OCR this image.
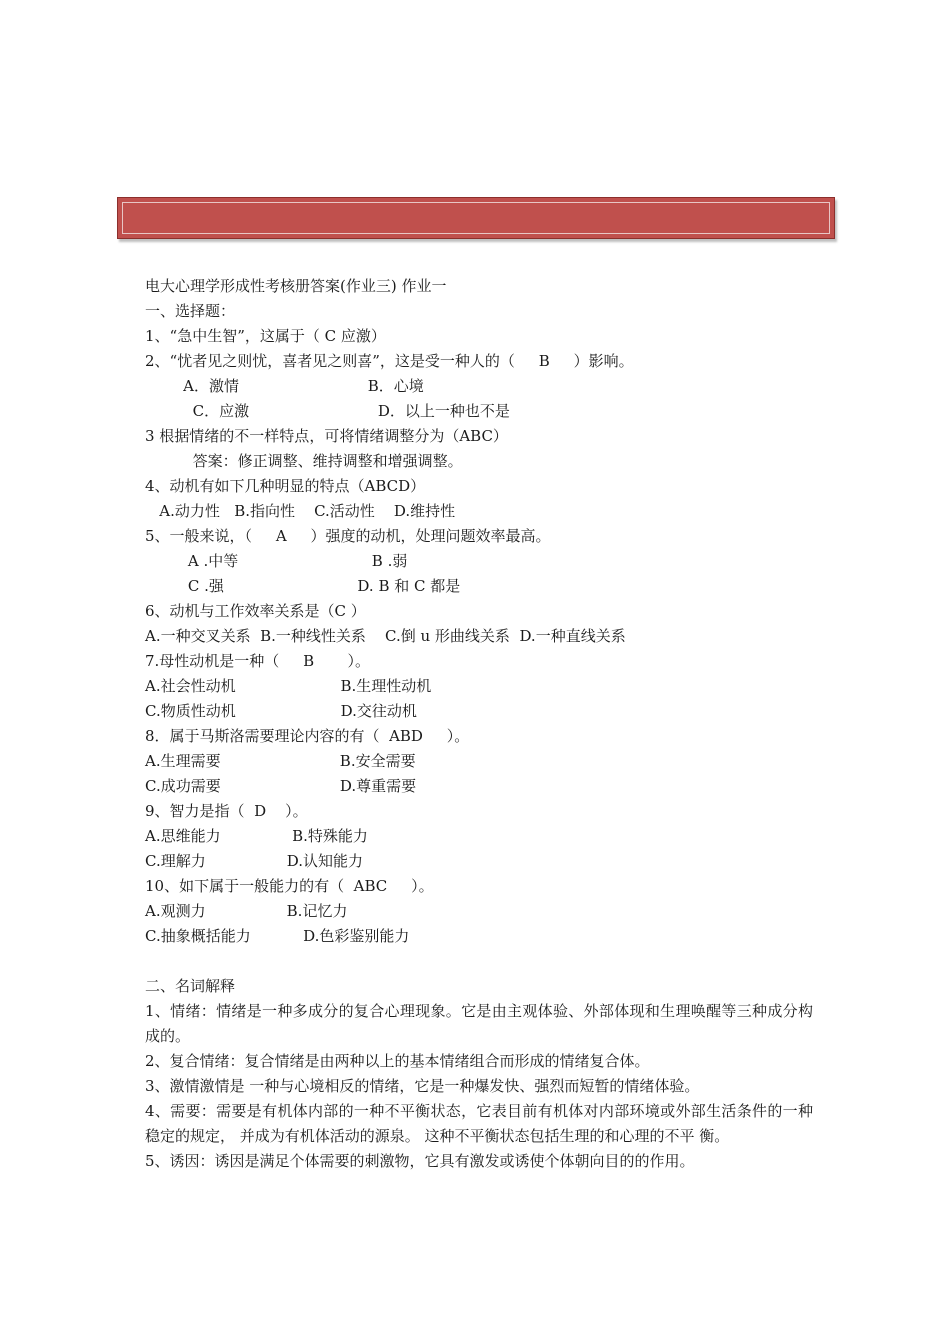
电大心理学形成性考核册答案(作业三) 作业一
一、选择题：
1、“急中生智”，这属于（ C 应激）
2、“忧者见之则忧，喜者见之则喜”，这是受一种人的（     B     ）影响。
A．激情                           B．心境
C．应激                           D．以上一种也不是
3 根据情绪的不一样特点，可将情绪调整分为（ABC）
答案：修正调整、维持调整和增强调整。
4、动机有如下几种明显的特点（ABCD）
A.动力性   B.指向性    C.活动性    D.维持性
5、一般来说，（     A     ）强度的动机，处理问题效率最高。
A .中等                            B .弱
C .强                            D. B 和 C 都是
6、动机与工作效率关系是（C ）
A.一种交叉关系  B.一种线性关系    C.倒 u 形曲线关系  D.一种直线关系
7.母性动机是一种（     B       ）。
A.社会性动机                      B.生理性动机
C.物质性动机                      D.交往动机
8．属于马斯洛需要理论内容的有（  ABD     ）。
A.生理需要                         B.安全需要
C.成功需要                         D.尊重需要
9、智力是指（  D    ）。
A.思维能力               B.特殊能力
C.理解力                 D.认知能力
10、如下属于一般能力的有（  ABC     ）。
A.观测力                 B.记忆力
C.抽象概括能力           D.色彩鉴别能力
二、名词解释
1、情绪：情绪是一种多成分的复合心理现象。它是由主观体验、外部体现和生理唤醒等三种成分构成的。
2、复合情绪：复合情绪是由两种以上的基本情绪组合而形成的情绪复合体。
3、激情激情是 一种与心境相反的情绪，它是一种爆发快、强烈而短暂的情绪体验。
4、需要：需要是有机体内部的一种不平衡状态，它表目前有机体对内部环境或外部生活条件的一种稳定的规定， 并成为有机体活动的源泉。 这种不平衡状态包括生理的和心理的不平 衡。
5、诱因：诱因是满足个体需要的刺激物，它具有激发或诱使个体朝向目的的作用。
